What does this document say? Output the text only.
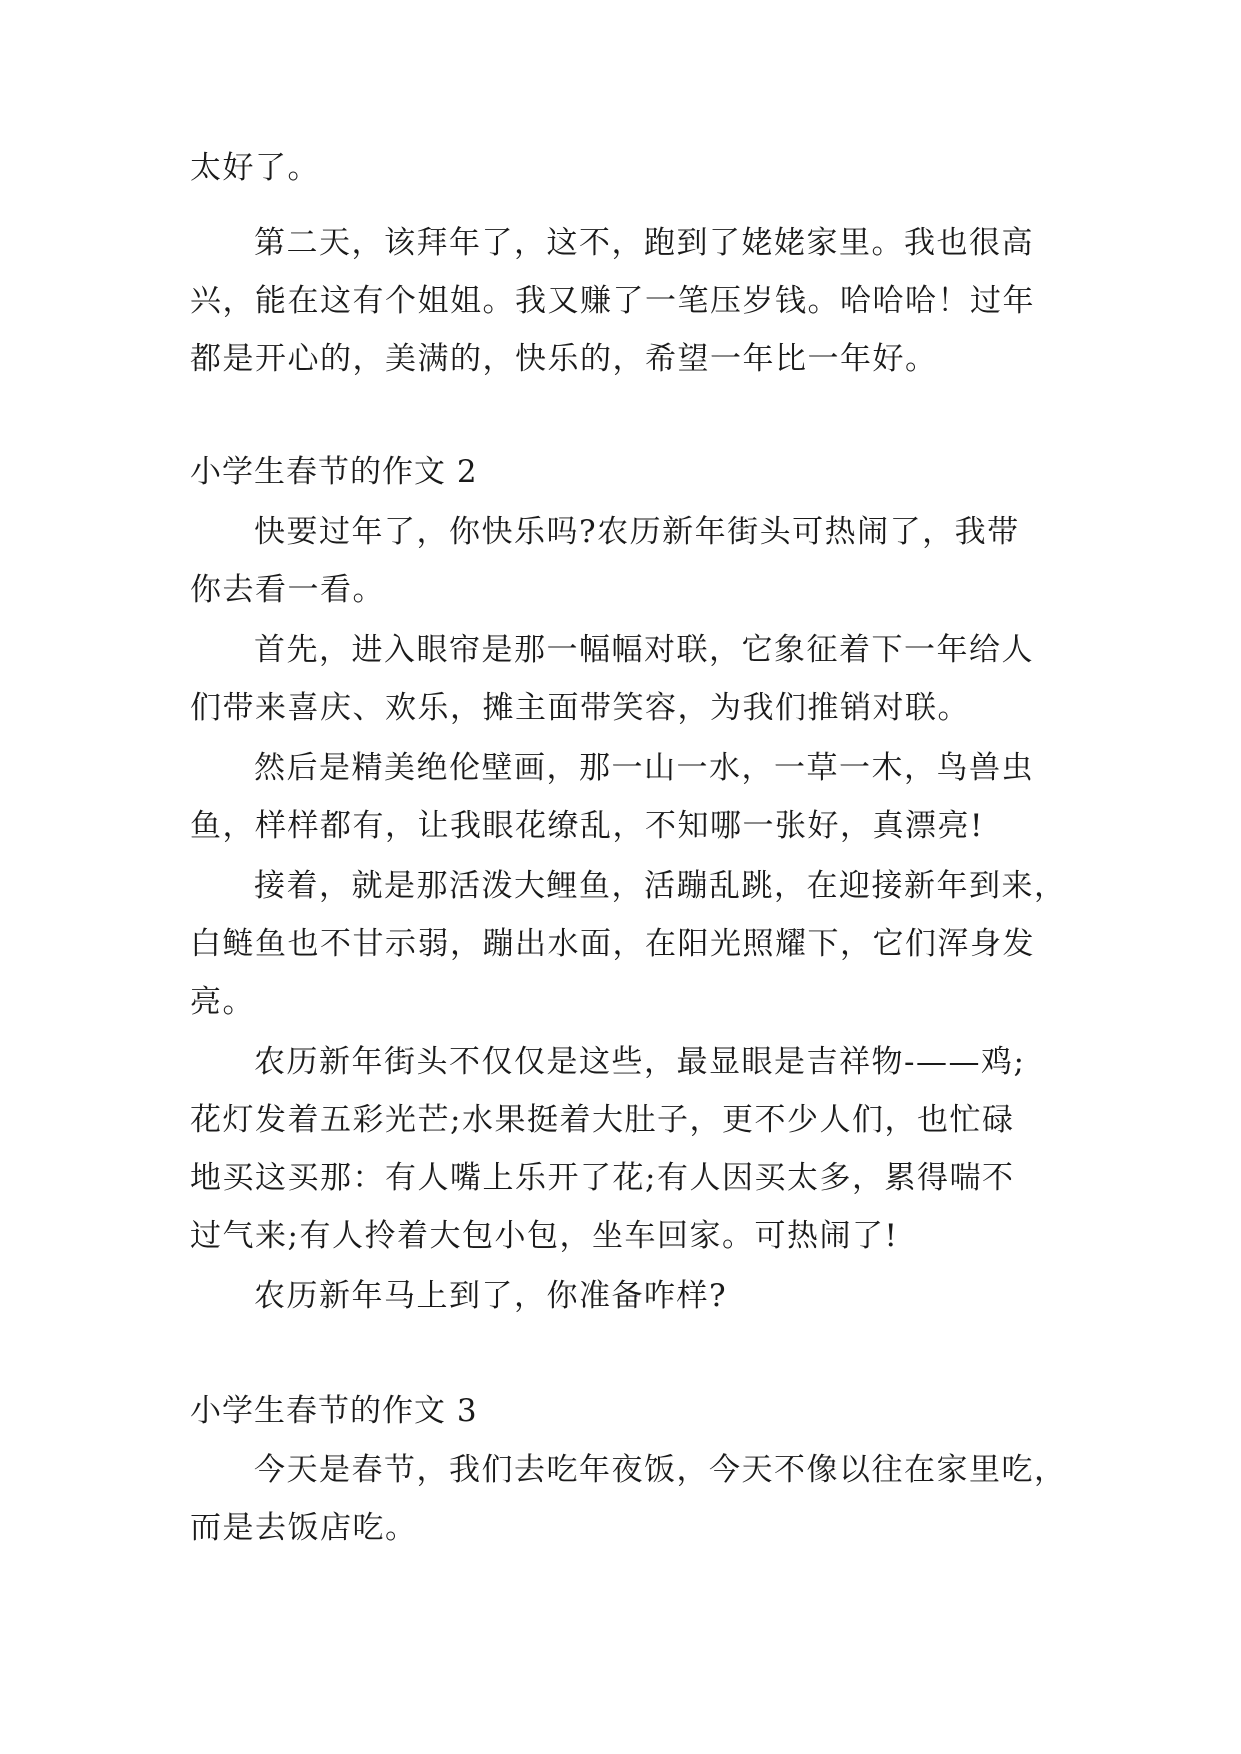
太好了。
第二天，该拜年了，这不，跑到了姥姥家里。我也很高
兴，能在这有个姐姐。我又赚了一笔压岁钱。哈哈哈！过年
都是开心的，美满的，快乐的，希望一年比一年好。
小学生春节的作文 2
快要过年了，你快乐吗?农历新年街头可热闹了，我带
你去看一看。
首先，进入眼帘是那一幅幅对联，它象征着下一年给人
们带来喜庆、欢乐，摊主面带笑容，为我们推销对联。
然后是精美绝伦壁画，那一山一水，一草一木，鸟兽虫
鱼，样样都有，让我眼花缭乱，不知哪一张好，真漂亮!
接着，就是那活泼大鲤鱼，活蹦乱跳，在迎接新年到来，
白鲢鱼也不甘示弱，蹦出水面，在阳光照耀下，它们浑身发
亮。
农历新年街头不仅仅是这些，最显眼是吉祥物-——鸡;
花灯发着五彩光芒;水果挺着大肚子，更不少人们，也忙碌
地买这买那：有人嘴上乐开了花;有人因买太多，累得喘不
过气来;有人拎着大包小包，坐车回家。可热闹了!
农历新年马上到了，你准备咋样?
小学生春节的作文 3
今天是春节，我们去吃年夜饭，今天不像以往在家里吃，
而是去饭店吃。
